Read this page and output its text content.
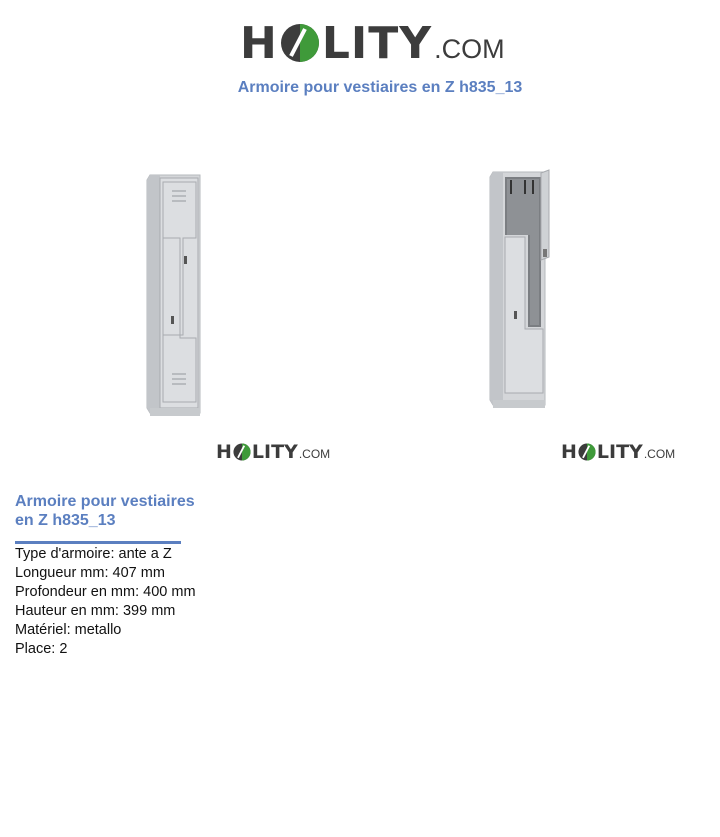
H LITY .COM
Armoire pour vestiaires en Z h835_13
H LITY .COM	H LITY .COM
Armoire pour vestiaires en Z h835_13
Type d'armoire: ante a Z
Longueur mm: 407 mm
Profondeur en mm: 400 mm
Hauteur en mm: 399 mm
Matériel: metallo
Place: 2
